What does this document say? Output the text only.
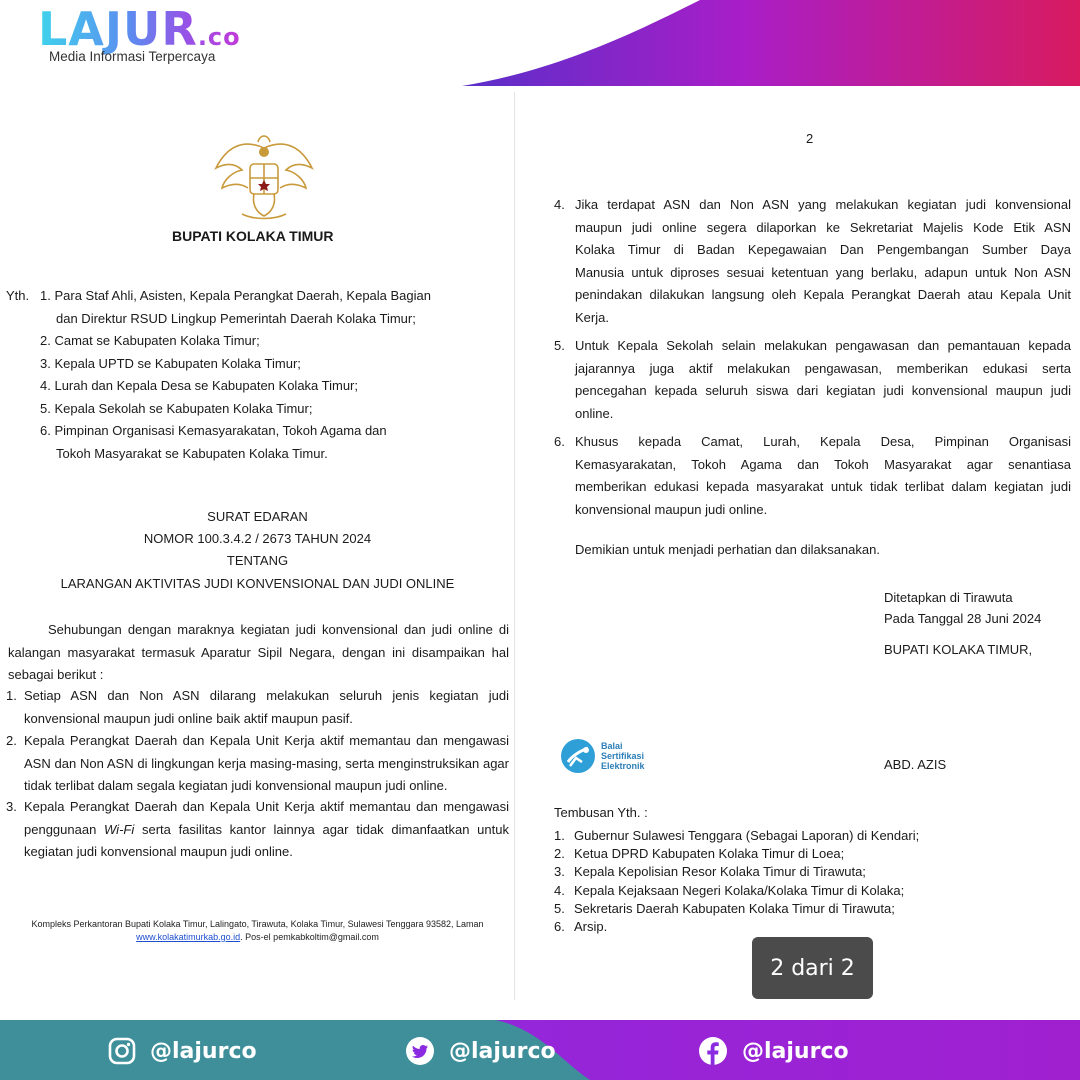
LAJUR.co
Media Informasi Terpercaya
BUPATI KOLAKA TIMUR
Yth. 1. Para Staf Ahli, Asisten, Kepala Perangkat Daerah, Kepala Bagian
dan Direktur RSUD Lingkup Pemerintah Daerah Kolaka Timur;
2. Camat se Kabupaten Kolaka Timur;
3. Kepala UPTD se Kabupaten Kolaka Timur;
4. Lurah dan Kepala Desa se Kabupaten Kolaka Timur;
5. Kepala Sekolah se Kabupaten Kolaka Timur;
6. Pimpinan Organisasi Kemasyarakatan, Tokoh Agama dan
Tokoh Masyarakat se Kabupaten Kolaka Timur.
SURAT EDARAN
NOMOR 100.3.4.2 / 2673 TAHUN 2024
TENTANG
LARANGAN AKTIVITAS JUDI KONVENSIONAL DAN JUDI ONLINE
Sehubungan dengan maraknya kegiatan judi konvensional dan judi online di
kalangan masyarakat termasuk Aparatur Sipil Negara, dengan ini disampaikan hal
sebagai berikut :
1. Setiap ASN dan Non ASN dilarang melakukan seluruh jenis kegiatan judi
konvensional maupun judi online baik aktif maupun pasif.
2. Kepala Perangkat Daerah dan Kepala Unit Kerja aktif memantau dan mengawasi
ASN dan Non ASN di lingkungan kerja masing-masing, serta menginstruksikan agar
tidak terlibat dalam segala kegiatan judi konvensional maupun judi online.
3. Kepala Perangkat Daerah dan Kepala Unit Kerja aktif memantau dan mengawasi
penggunaan Wi-Fi serta fasilitas kantor lainnya agar tidak dimanfaatkan untuk
kegiatan judi konvensional maupun judi online.
Kompleks Perkantoran Bupati Kolaka Timur, Lalingato, Tirawuta, Kolaka Timur, Sulawesi Tenggara 93582, Laman
www.kolakatimurkab.go.id. Pos-el pemkabkoltim@gmail.com
2
4. Jika terdapat ASN dan Non ASN yang melakukan kegiatan judi konvensional
maupun judi online segera dilaporkan ke Sekretariat Majelis Kode Etik ASN
Kolaka Timur di Badan Kepegawaian Dan Pengembangan Sumber Daya
Manusia untuk diproses sesuai ketentuan yang berlaku, adapun untuk Non ASN
penindakan dilakukan langsung oleh Kepala Perangkat Daerah atau Kepala Unit
Kerja.
5. Untuk Kepala Sekolah selain melakukan pengawasan dan pemantauan kepada
jajarannya juga aktif melakukan pengawasan, memberikan edukasi serta
pencegahan kepada seluruh siswa dari kegiatan judi konvensional maupun judi
online.
6. Khusus kepada Camat, Lurah, Kepala Desa, Pimpinan Organisasi
Kemasyarakatan, Tokoh Agama dan Tokoh Masyarakat agar senantiasa
memberikan edukasi kepada masyarakat untuk tidak terlibat dalam kegiatan judi
konvensional maupun judi online.
Demikian untuk menjadi perhatian dan dilaksanakan.
Ditetapkan di Tirawuta
Pada Tanggal 28 Juni 2024
BUPATI KOLAKA TIMUR,
Balai
Sertifikasi
Elektronik	ABD. AZIS
Tembusan Yth. :
1. Gubernur Sulawesi Tenggara (Sebagai Laporan) di Kendari;
2. Ketua DPRD Kabupaten Kolaka Timur di Loea;
3. Kepala Kepolisian Resor Kolaka Timur di Tirawuta;
4. Kepala Kejaksaan Negeri Kolaka/Kolaka Timur di Kolaka;
5. Sekretaris Daerah Kabupaten Kolaka Timur di Tirawuta;
6. Arsip.
2 dari 2
@lajurco	@lajurco	@lajurco
